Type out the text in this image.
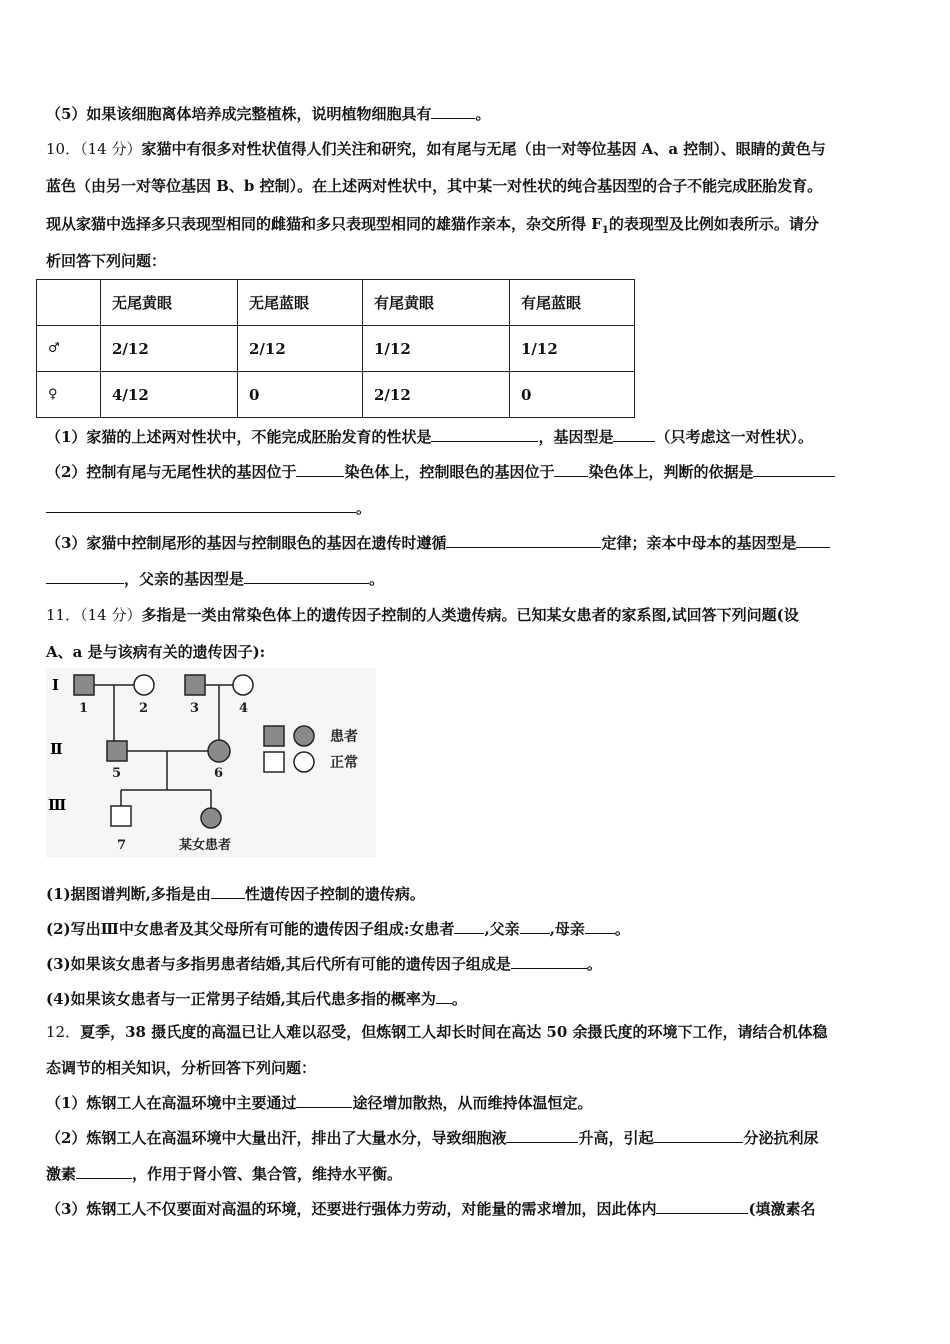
（5）如果该细胞离体培养成完整植株，说明植物细胞具有	。
10．（14 分）家猫中有很多对性状值得人们关注和研究，如有尾与无尾（由一对等位基因 A、a 控制）、眼睛的黄色与
蓝色（由另一对等位基因 B、b 控制）。在上述两对性状中，其中某一对性状的纯合基因型的合子不能完成胚胎发育。
现从家猫中选择多只表现型相同的雌猫和多只表现型相同的雄猫作亲本，杂交所得 $F_1$的表现型及比例如表所示。请分
析回答下列问题：
	无尾黄眼	无尾蓝眼	有尾黄眼	有尾蓝眼
♂	2/12	2/12	1/12	1/12
♀	4/12	0	2/12	0
（1）家猫的上述两对性状中，不能完成胚胎发育的性状是	，基因型是	（只考虑这一对性状）。
（2）控制有尾与无尾性状的基因位于	染色体上，控制眼色的基因位于 染色体上，判断的依据是
。
（3）家猫中控制尾形的基因与控制眼色的基因在遗传时遵循	定律；亲本中母本的基因型是
，父亲的基因型是	。
11．（14 分）多指是一类由常染色体上的遗传因子控制的人类遗传病。已知某女患者的家系图,试回答下列问题(设
A、a 是与该病有关的遗传因子):
Ⅰ
Ⅱ
Ⅲ
1	2	3	4
5	6
7	某女患者
患者
正常
(1)据图谱判断,多指是由 性遗传因子控制的遗传病。
(2)写出Ⅲ中女患者及其父母所有可能的遗传因子组成:女患者 ,父亲 ,母亲 。
(3)如果该女患者与多指男患者结婚,其后代所有可能的遗传因子组成是	。
(4)如果该女患者与一正常男子结婚,其后代患多指的概率为 。
12．夏季，38 摄氏度的高温已让人难以忍受，但炼钢工人却长时间在高达 50 余摄氏度的环境下工作，请结合机体稳
态调节的相关知识，分析回答下列问题：
（1）炼钢工人在高温环境中主要通过	途径增加散热，从而维持体温恒定。
（2）炼钢工人在高温环境中大量出汗，排出了大量水分，导致细胞液	升高，引起	分泌抗利尿
激素	，作用于肾小管、集合管，维持水平衡。
（3）炼钢工人不仅要面对高温的环境，还要进行强体力劳动，对能量的需求增加，因此体内	(填激素名
